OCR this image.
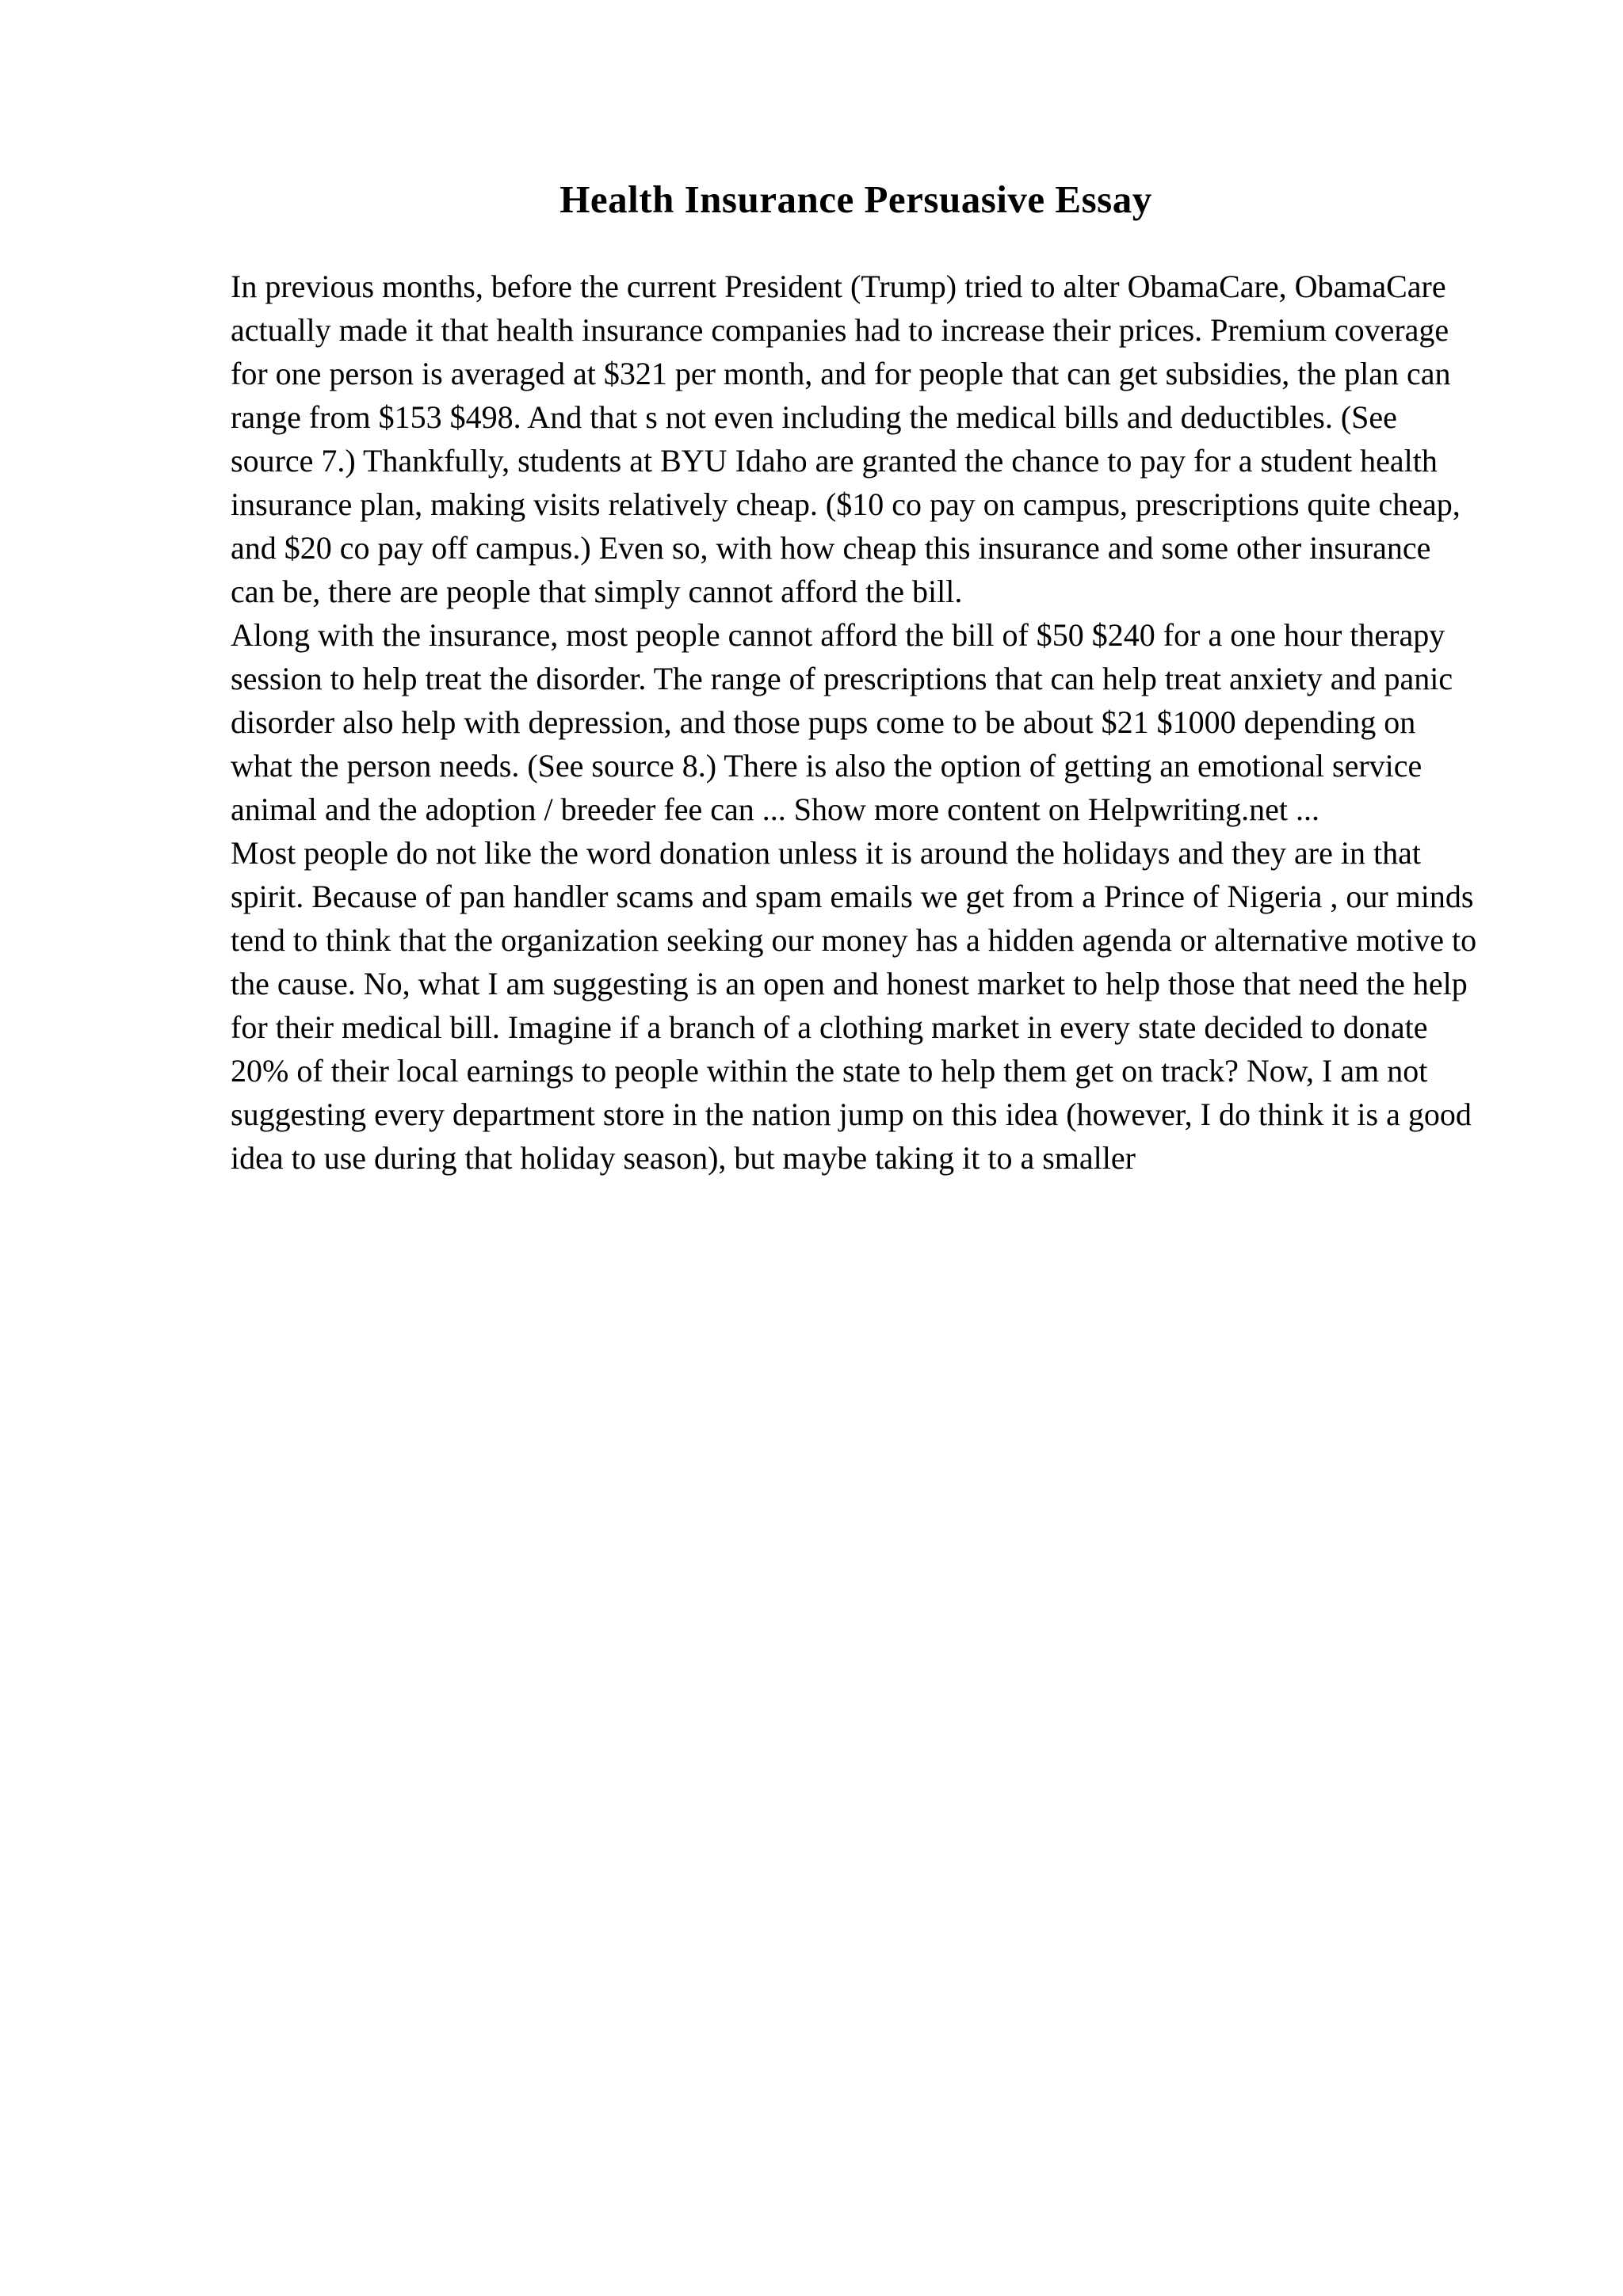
Health Insurance Persuasive Essay

In previous months, before the current President (Trump) tried to alter ObamaCare, ObamaCare actually made it that health insurance companies had to increase their prices. Premium coverage for one person is averaged at $321 per month, and for people that can get subsidies, the plan can range from $153 $498. And that s not even including the medical bills and deductibles. (See source 7.) Thankfully, students at BYU Idaho are granted the chance to pay for a student health insurance plan, making visits relatively cheap. ($10 co pay on campus, prescriptions quite cheap, and $20 co pay off campus.) Even so, with how cheap this insurance and some other insurance can be, there are people that simply cannot afford the bill.

Along with the insurance, most people cannot afford the bill of $50 $240 for a one hour therapy session to help treat the disorder. The range of prescriptions that can help treat anxiety and panic disorder also help with depression, and those pups come to be about $21 $1000 depending on what the person needs. (See source 8.) There is also the option of getting an emotional service animal and the adoption / breeder fee can ... Show more content on Helpwriting.net ...

Most people do not like the word donation unless it is around the holidays and they are in that spirit. Because of pan handler scams and spam emails we get from a Prince of Nigeria , our minds tend to think that the organization seeking our money has a hidden agenda or alternative motive to the cause. No, what I am suggesting is an open and honest market to help those that need the help for their medical bill. Imagine if a branch of a clothing market in every state decided to donate 20% of their local earnings to people within the state to help them get on track? Now, I am not suggesting every department store in the nation jump on this idea (however, I do think it is a good idea to use during that holiday season), but maybe taking it to a smaller
